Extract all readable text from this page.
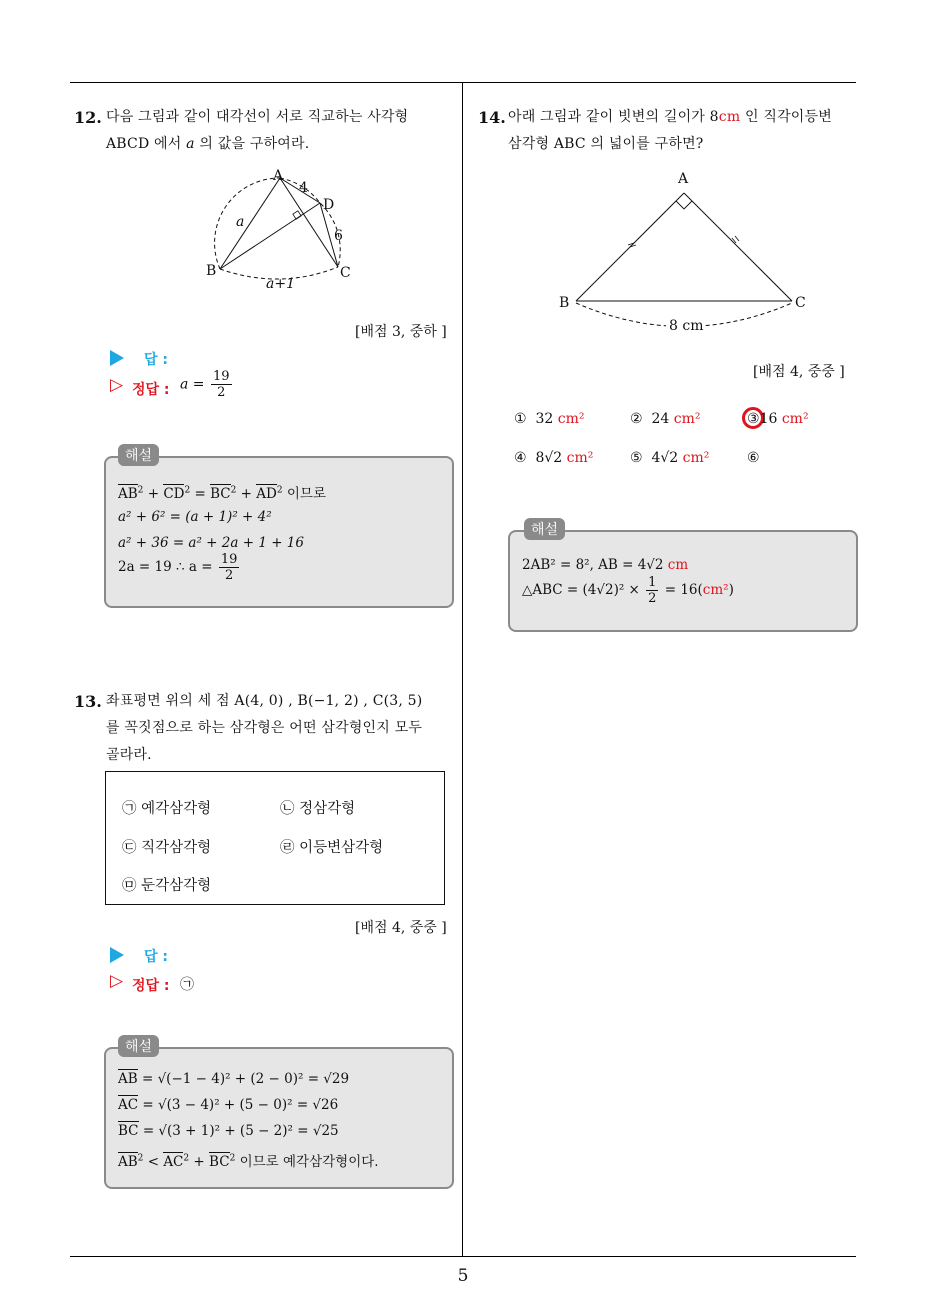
12. 다음 그림과 같이 대각선이 서로 직교하는 사각형
ABCD 에서 a 의 값을 구하여라.
A
B	C
D
a
4
6
a+1
[배점 3, 중하 ]
답 :
▷ 정답 : $a = \frac{19}{2}$
해설
$AB^2 + CD^2 = BC^2 + AD^2$ 이므로
a² + 6² = (a + 1)² + 4²
a² + 36 = a² + 2a + 1 + 16
2a = 19 ∴ $a = \frac{19}{2}$
13. 좌표평면 위의 세 점 A(4, 0) , B(−1, 2) , C(3, 5)
를 꼭짓점으로 하는 삼각형은 어떤 삼각형인지 모두
골라라.
㉠ 예각삼각형	㉡ 정삼각형
㉢ 직각삼각형	㉣ 이등변삼각형
㉤ 둔각삼각형
[배점 4, 중중 ]
답 :
▷ 정답 : ㉠
해설
AB = √(−1 − 4)² + (2 − 0)² = √29
AC = √(3 − 4)² + (5 − 0)² = √26
BC = √(3 + 1)² + (5 − 2)² = √25
$AB^2 < AC^2 + BC^2$ 이므로 예각삼각형이다.
14. 아래 그림과 같이 빗변의 길이가 8cm 인 직각이등변
삼각형 ABC 의 넓이를 구하면?
A
B	C
8 cm
[배점 4, 중중 ]
① 32 cm²	② 24 cm²	③16 cm²
④ 8√2 cm²	⑤ 4√2 cm²	⑥
해설
2AB² = 8², AB = 4√2 cm
△ABC = $(4√2)^2 \times \frac{1}{2} = 16(cm^2)$
5
